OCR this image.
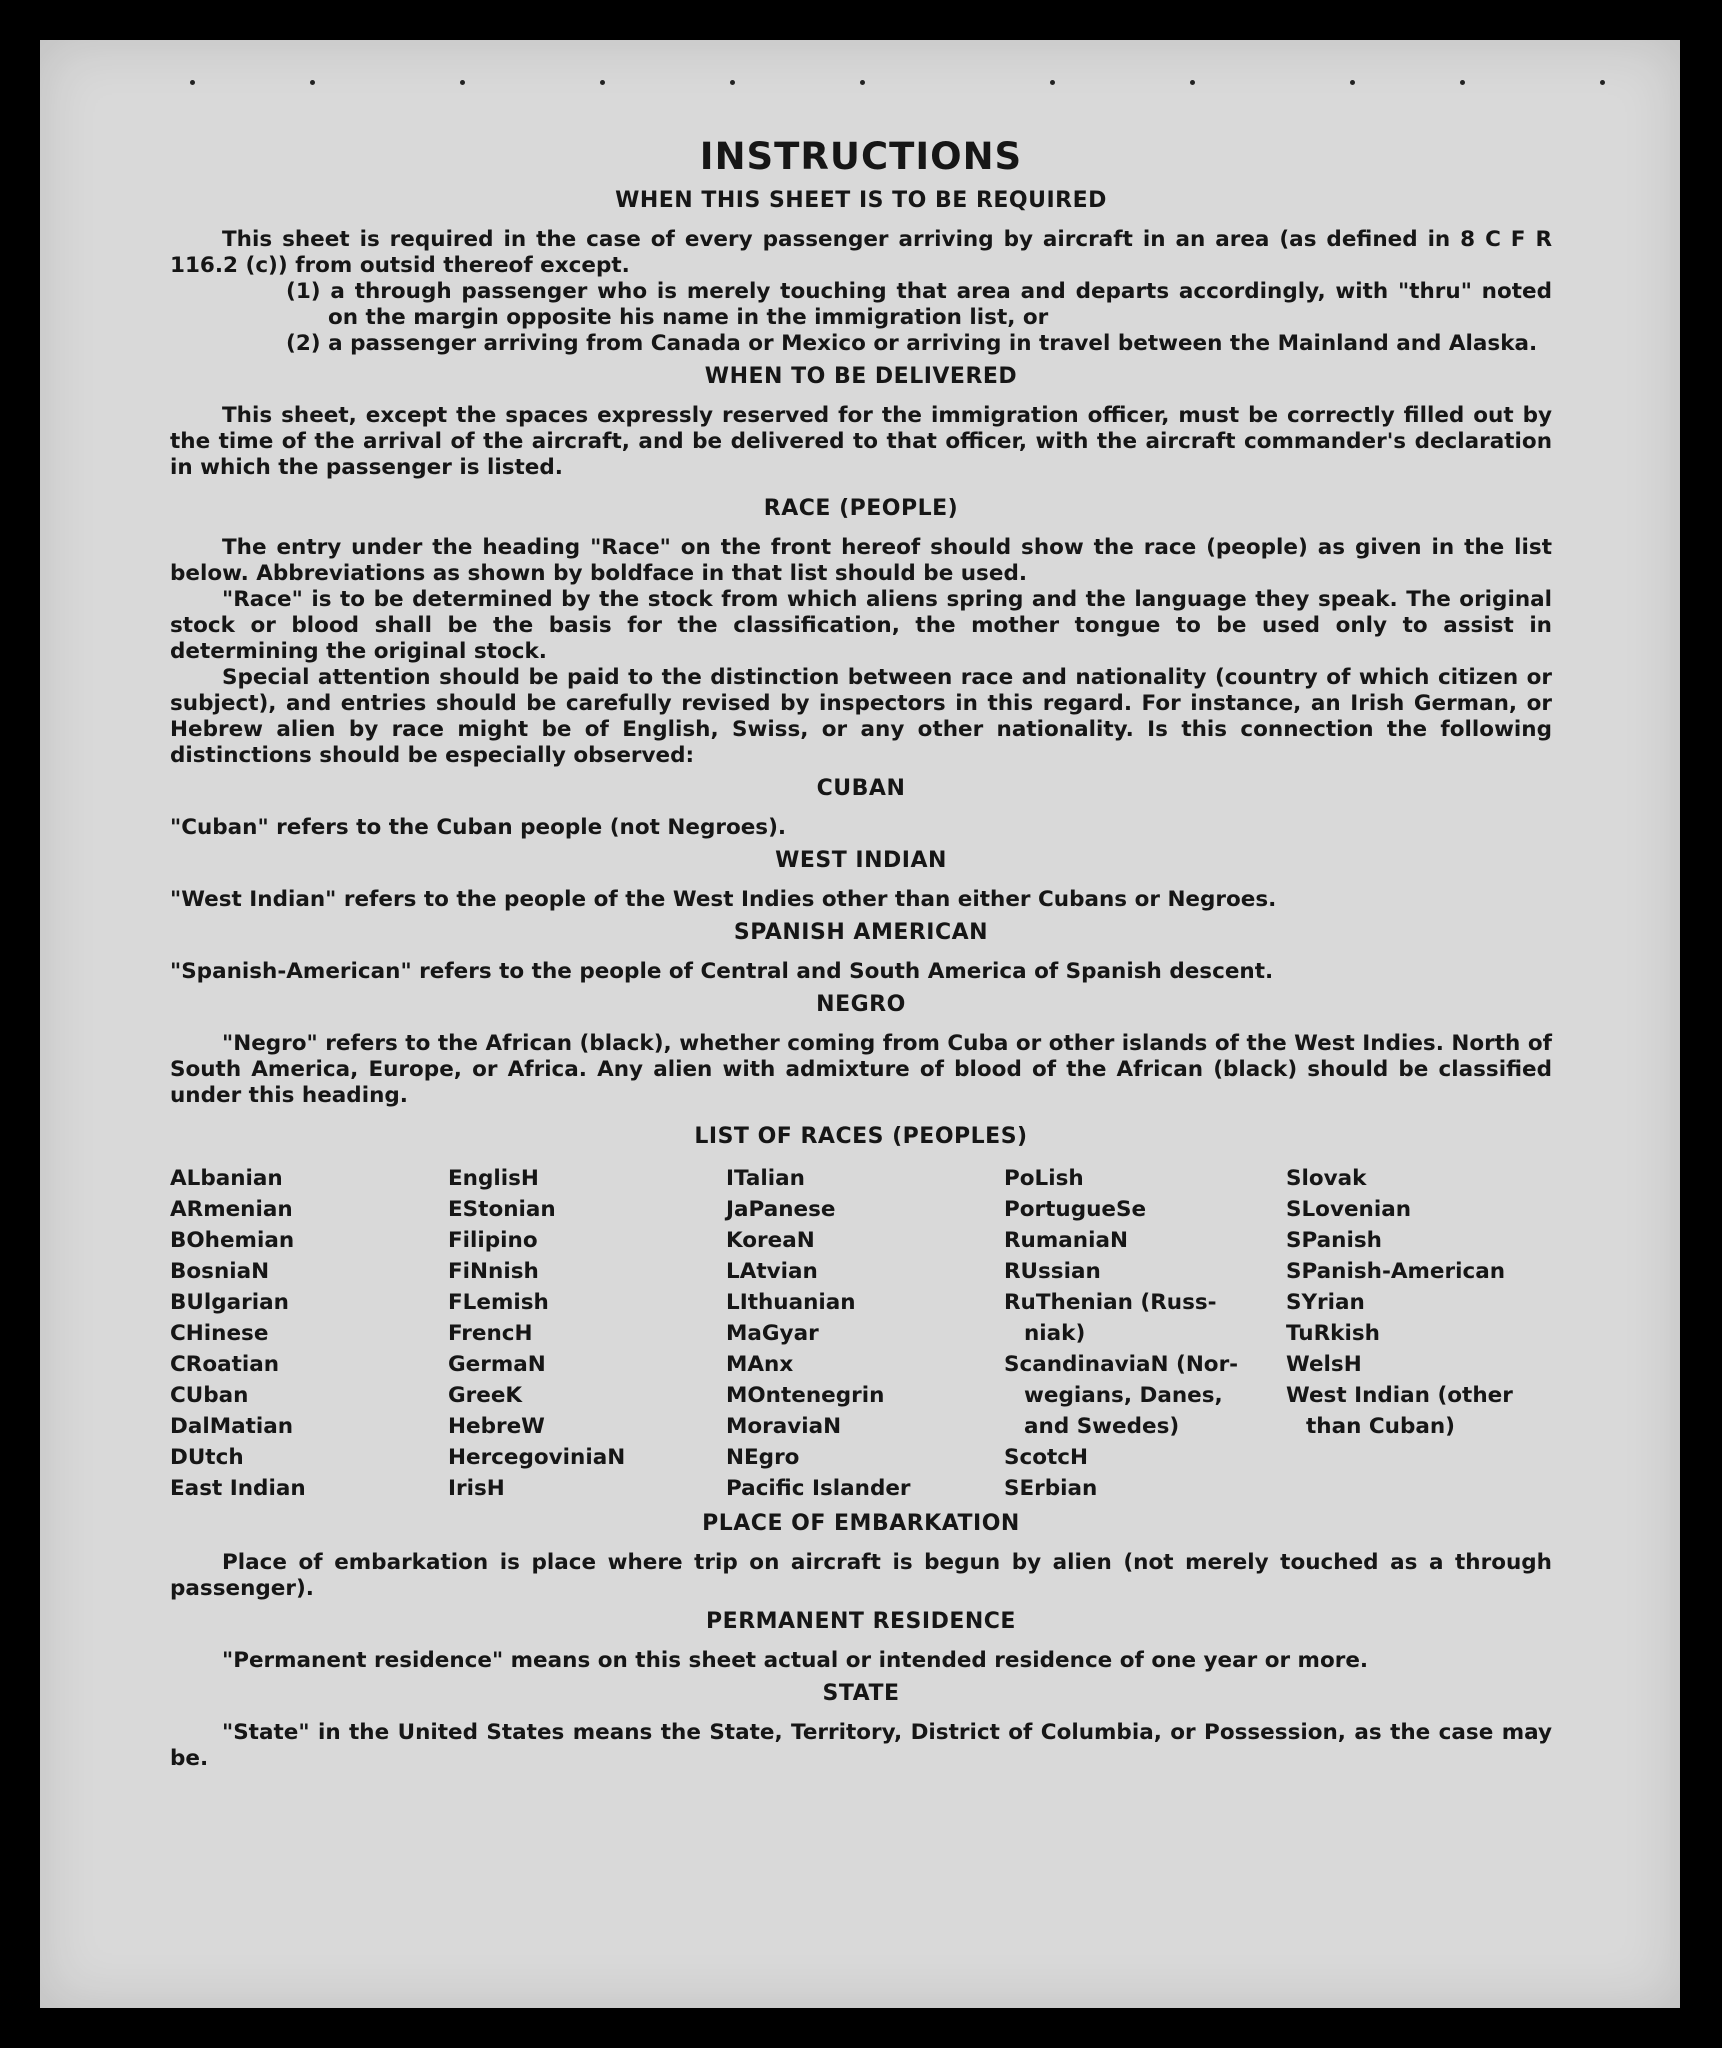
INSTRUCTIONS
WHEN THIS SHEET IS TO BE REQUIRED

This sheet is required in the case of every passenger arriving by aircraft in an area (as defined in 8 C F R 116.2 (c)) from outsid thereof except.

(1) a through passenger who is merely touching that area and departs accordingly, with "thru" noted on the margin opposite his name in the immigration list, or

(2) a passenger arriving from Canada or Mexico or arriving in travel between the Mainland and Alaska.

WHEN TO BE DELIVERED

This sheet, except the spaces expressly reserved for the immigration officer, must be correctly filled out by the time of the arrival of the aircraft, and be delivered to that officer, with the aircraft commander's declaration in which the passenger is listed.

RACE (PEOPLE)

The entry under the heading "Race" on the front hereof should show the race (people) as given in the list below. Abbreviations as shown by boldface in that list should be used.

"Race" is to be determined by the stock from which aliens spring and the language they speak. The original stock or blood shall be the basis for the classification, the mother tongue to be used only to assist in determining the original stock.

Special attention should be paid to the distinction between race and nationality (country of which citizen or subject), and entries should be carefully revised by inspectors in this regard. For instance, an Irish German, or Hebrew alien by race might be of English, Swiss, or any other nationality. Is this connection the following distinctions should be especially observed:

CUBAN

"Cuban" refers to the Cuban people (not Negroes).

WEST INDIAN

"West Indian" refers to the people of the West Indies other than either Cubans or Negroes.

SPANISH AMERICAN

"Spanish-American" refers to the people of Central and South America of Spanish descent.

NEGRO

"Negro" refers to the African (black), whether coming from Cuba or other islands of the West Indies. North of South America, Europe, or Africa. Any alien with admixture of blood of the African (black) should be classified under this heading.

LIST OF RACES (PEOPLES)
ALbanian
ARmenian
BOhemian
BosniaN
BUlgarian
CHinese
CRoatian
CUban
DalMatian
DUtch
East Indian
EnglisH
EStonian
Filipino
FiNnish
FLemish
FrencH
GermaN
GreeK
HebreW
HercegoviniaN
IrisH
ITalian
JaPanese
KoreaN
LAtvian
LIthuanian
MaGyar
MAnx
MOntenegrin
MoraviaN
NEgro
Pacific Islander
PoLish
PortugueSe
RumaniaN
RUssian
RuThenian (Russ-
niak)
ScandinaviaN (Nor-
wegians, Danes,
and Swedes)
ScotcH
SErbian
Slovak
SLovenian
SPanish
SPanish-American
SYrian
TuRkish
WelsH
West Indian (other
than Cuban)
PLACE OF EMBARKATION

Place of embarkation is place where trip on aircraft is begun by alien (not merely touched as a through passenger).

PERMANENT RESIDENCE

"Permanent residence" means on this sheet actual or intended residence of one year or more.

STATE

"State" in the United States means the State, Territory, District of Columbia, or Possession, as the case may be.
